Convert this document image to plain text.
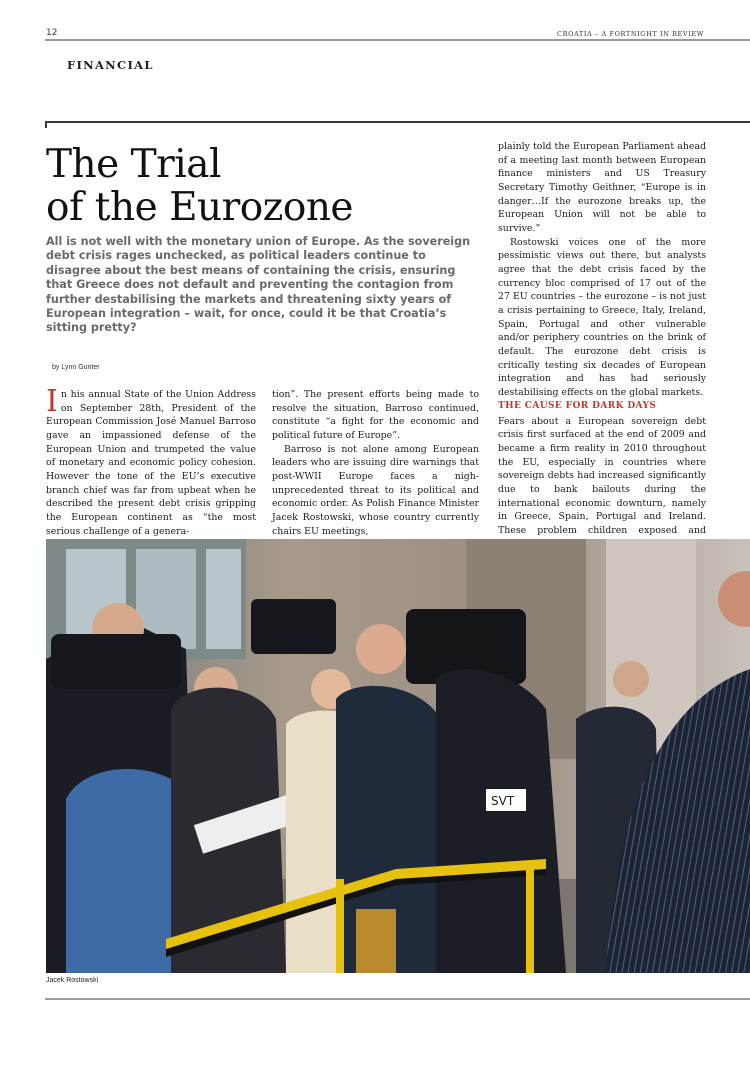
12	CROATIA – A FORTNIGHT IN REVIEW
FINANCIAL
The Trial
of the Eurozone
All is not well with the monetary union of Europe. As the sovereign debt crisis rages unchecked, as political leaders continue to disagree about the best means of containing the crisis, ensuring that Greece does not default and preventing the contagion from further destabilising the markets and threatening sixty years of European integration – wait, for once, could it be that Croatia’s sitting pretty?
by Lynn Gunter

In his annual State of the Union Address on September 28th, President of the European Commission José Manuel Barroso gave an impassioned defense of the European Union and trumpeted the value of monetary and economic policy cohesion. However the tone of the EU’s executive branch chief was far from upbeat when he described the present debt crisis gripping the European continent as “the most serious challenge of a genera-

tion”. The present efforts being made to resolve the situation, Barroso continued, constitute “a fight for the economic and political future of Europe”.

Barroso is not alone among European leaders who are issuing dire warnings that post-WWII Europe faces a nigh-unprecedented threat to its political and economic order. As Polish Finance Minister Jacek Rostowski, whose country currently chairs EU meetings,

plainly told the European Parliament ahead of a meeting last month between European finance ministers and US Treasury Secretary Timothy Geithner, “Europe is in danger…If the eurozone breaks up, the European Union will not be able to survive.”

Rostowski voices one of the more pessimistic views out there, but analysts agree that the debt crisis faced by the currency bloc comprised of 17 out of the 27 EU countries – the eurozone – is not just a crisis pertaining to Greece, Italy, Ireland, Spain, Portugal and other vulnerable and/or periphery countries on the brink of default. The eurozone debt crisis is critically testing six decades of European integration and has had seriously destabilising effects on the global markets.

THE CAUSE FOR DARK DAYS

Fears about a European sovereign debt crisis first surfaced at the end of 2009 and became a firm reality in 2010 throughout the EU, especially in countries where sovereign debts had increased significantly due to bank bailouts during the international economic downturn, namely in Greece, Spain, Portugal and Ireland. These problem children exposed and

SVT
Jacek Rostowski
